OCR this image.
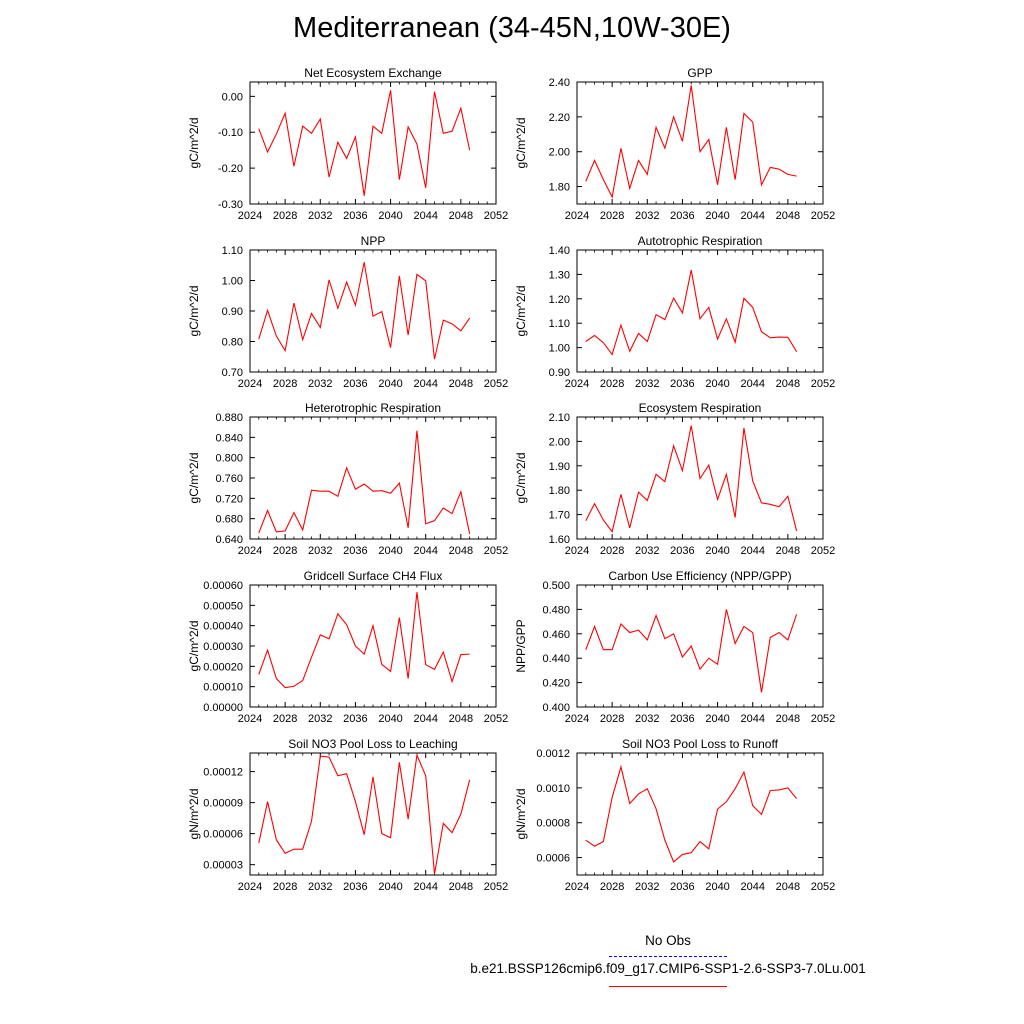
Mediterranean (34-45N,10W-30E)
Net Ecosystem Exchange
gC/m^2/d
2024 2028 2032 2036 2040 2044 2048 2052
0.00
-0.10
-0.20
-0.30
GPP
gC/m^2/d
2024 2028 2032 2036 2040 2044 2048 2052
1.80
2.00
2.20
2.40
NPP
gC/m^2/d
2024 2028 2032 2036 2040 2044 2048 2052
0.70
0.80
0.90
1.00
1.10
Autotrophic Respiration
gC/m^2/d
2024 2028 2032 2036 2040 2044 2048 2052
0.90
1.00
1.10
1.20
1.30
1.40
Heterotrophic Respiration
gC/m^2/d
2024 2028 2032 2036 2040 2044 2048 2052
0.640
0.680
0.720
0.760
0.800
0.840
0.880
Ecosystem Respiration
gC/m^2/d
2024 2028 2032 2036 2040 2044 2048 2052
1.60
1.70
1.80
1.90
2.00
2.10
Gridcell Surface CH4 Flux
gC/m^2/d
2024 2028 2032 2036 2040 2044 2048 2052
0.00000
0.00010
0.00020
0.00030
0.00040
0.00050
0.00060
Carbon Use Efficiency (NPP/GPP)
NPP/GPP
2024 2028 2032 2036 2040 2044 2048 2052
0.400
0.420
0.440
0.460
0.480
0.500
Soil NO3 Pool Loss to Leaching
gN/m^2/d
2024 2028 2032 2036 2040 2044 2048 2052
0.00003
0.00006
0.00009
0.00012
Soil NO3 Pool Loss to Runoff
gN/m^2/d
2024 2028 2032 2036 2040 2044 2048 2052
0.0006
0.0008
0.0010
0.0012
No Obs
b.e21.BSSP126cmip6.f09_g17.CMIP6-SSP1-2.6-SSP3-7.0Lu.001
